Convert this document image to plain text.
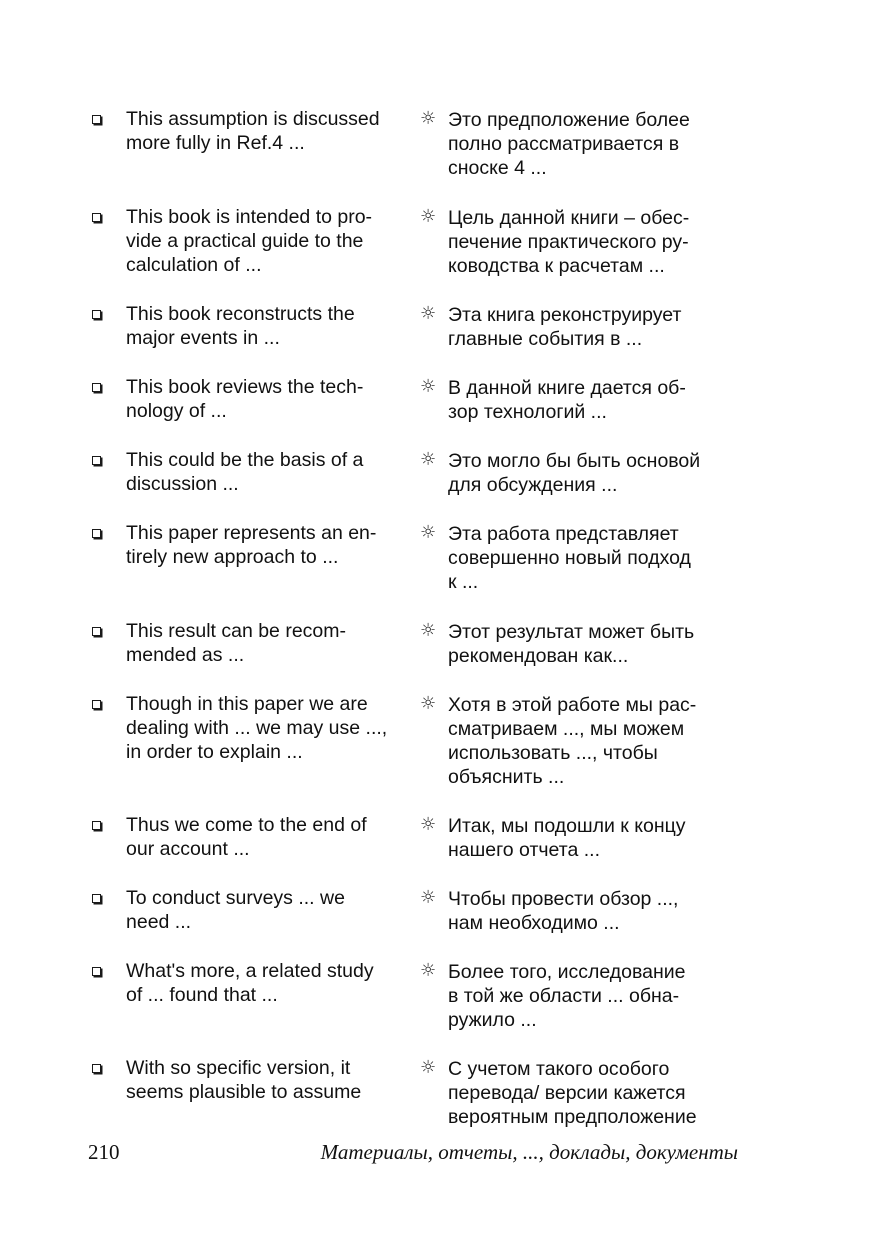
This assumption is discussed
more fully in Ref.4 ...
☼ Это предположение более
полно рассматривается в
сноске 4 ...
This book is intended to pro-
vide a practical guide to the
calculation of ...
☼ Цель данной книги – обес-
печение практического ру-
ководства к расчетам ...
This book reconstructs the
major events in ...
☼ Эта книга реконструирует
главные события в ...
This book reviews the tech-
nology of ...
☼ В данной книге дается об-
зор технологий ...
This could be the basis of a
discussion ...
☼ Это могло бы быть основой
для обсуждения ...
This paper represents an en-
tirely new approach to ...
☼ Эта работа представляет
совершенно новый подход
к ...
This result can be recom-
mended as ...
☼ Этот результат может быть
рекомендован как...
Though in this paper we are
dealing with ... we may use ...,
in order to explain ...
☼ Хотя в этой работе мы рас-
сматриваем ..., мы можем
использовать ..., чтобы
объяснить ...
Thus we come to the end of
our account ...
☼ Итак, мы подошли к концу
нашего отчета ...
To conduct surveys ... we
need ...
☼ Чтобы провести обзор ...,
нам необходимо ...
What's more, a related study
of ... found that ...
☼ Более того, исследование
в той же области ... обна-
ружило ...
With so specific version, it
seems plausible to assume
☼ С учетом такого особого
перевода/ версии кажется
вероятным предположение
210	Материалы, отчеты, ..., доклады, документы
